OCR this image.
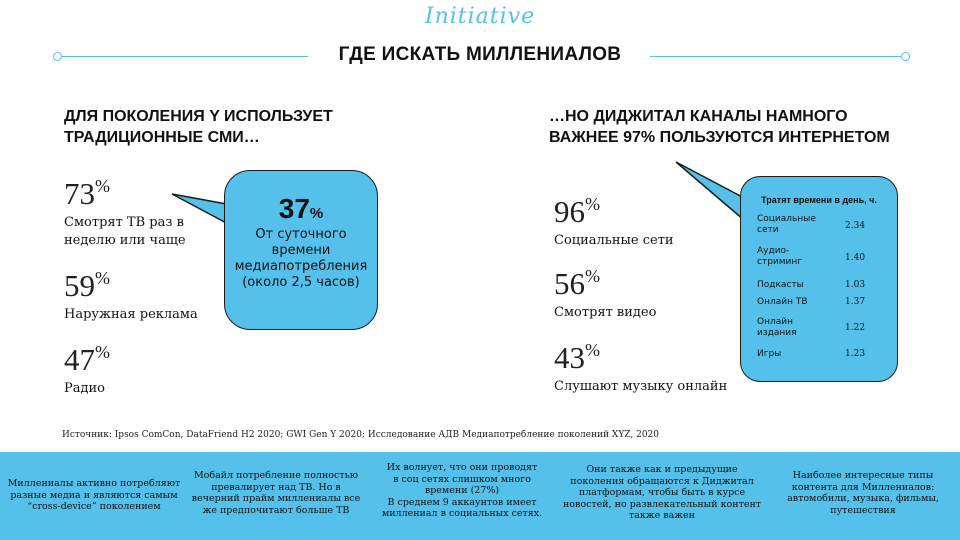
Initiative
ГДЕ ИСКАТЬ МИЛЛЕНИАЛОВ
ДЛЯ ПОКОЛЕНИЯ Y ИСПОЛЬЗУЕТ
ТРАДИЦИОННЫЕ СМИ…
73%
Смотрят ТВ раз в
неделю или чаще
59%
Наружная реклама
47%
Радио
37%
От суточного
времени
медиапотребления
(около 2,5 часов)
…НО ДИДЖИТАЛ КАНАЛЫ НАМНОГО
ВАЖНЕЕ 97% ПОЛЬЗУЮТСЯ ИНТЕРНЕТОМ
96%
Социальные сети
56%
Смотрят видео
43%
Слушают музыку онлайн
Тратят времени в день, ч.
Социальные
сети	2.34
Аудио-
стриминг	1.40
Подкасты	1.03
Онлайн ТВ	1.37
Онлайн
издания	1.22
Игры	1.23
Источник: Ipsos ComCon, DataFriend H2 2020; GWI Gen Y 2020; Исследование АДВ Медиапотребление поколений XYZ, 2020
Миллениалы активно потребляют
разные медиа и являются самым
“cross-device” поколением
Мобайл потребление полностью
превалирует над ТВ. Но в
вечерний прайм миллениалы все
же предпочитают больше ТВ
Их волнует, что они проводят
в соц сетях слишком много
времени (27%)
В среднем 9 аккаунтов имеет
миллениал в социальных сетях.
Они также как и предыдущие
поколения обращаются к Диджитал
платформам, чтобы быть в курсе
новостей, но развлекательный контент
также важен
Наиболее интересные типы
контента для Миллениалов:
автомобили, музыка, фильмы,
путешествия
